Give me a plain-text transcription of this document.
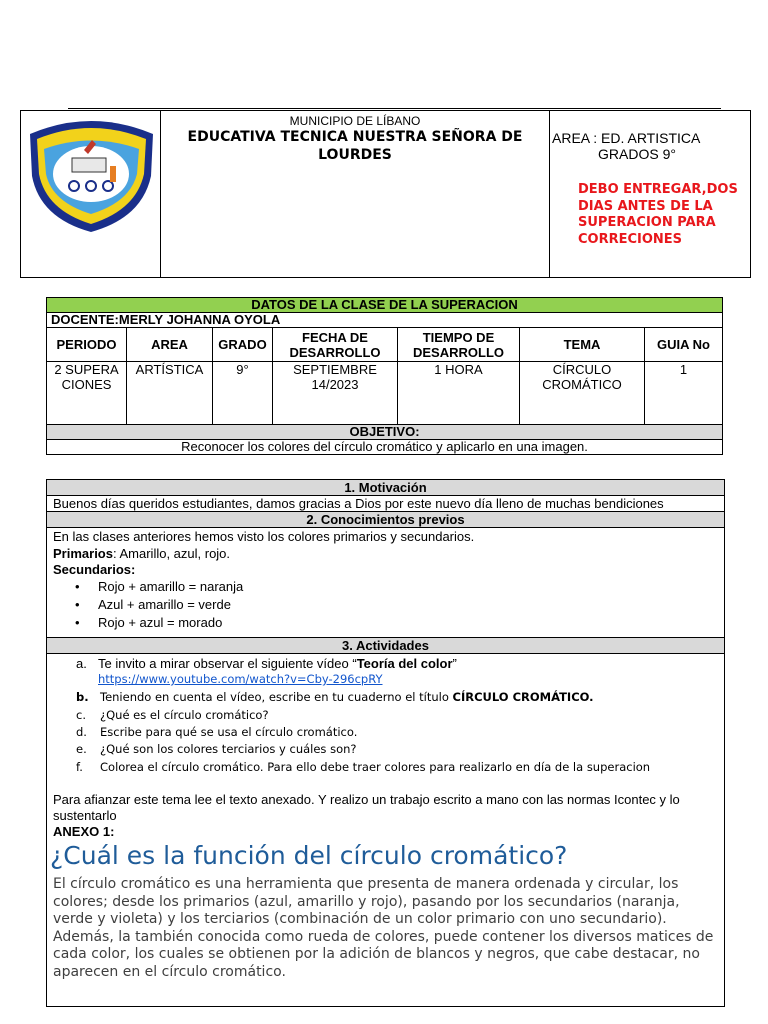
MUNICIPIO DE LÍBANO
EDUCATIVA TECNICA NUESTRA SEÑORA DE LOURDES

AREA : ED. ARTISTICA
GRADOS 9°
DEBO ENTREGAR,DOS DIAS ANTES DE LA SUPERACION PARA CORRECIONES
DATOS DE LA CLASE DE LA SUPERACION						
DOCENTE:MERLY JOHANNA OYOLA						
PERIODO	AREA	GRADO	FECHA DE DESARROLLO	TIEMPO DE DESARROLLO	TEMA	GUIA No
2 SUPERACIONES	ARTÍSTICA	9°	SEPTIEMBRE 14/2023	1 HORA	CÍRCULO CROMÁTICO	1
OBJETIVO:						
Reconocer los colores del círculo cromático y aplicarlo en una imagen.						
1. Motivación
Buenos días queridos estudiantes, damos gracias a Dios por este nuevo día lleno de muchas bendiciones
2. Conocimientos previos
En las clases anteriores hemos visto los colores primarios y secundarios.
Primarios: Amarillo, azul, rojo.
Secundarios:
• Rojo + amarillo = naranja
• Azul + amarillo = verde
• Rojo + azul = morado
3. Actividades
a. Te invito a mirar observar el siguiente vídeo “Teoría del color”
https://www.youtube.com/watch?v=Cby-296cpRY
b. Teniendo en cuenta el vídeo, escribe en tu cuaderno el título CÍRCULO CROMÁTICO.
c. ¿Qué es el círculo cromático?
d. Escribe para qué se usa el círculo cromático.
e. ¿Qué son los colores terciarios y cuáles son?
f. Colorea el círculo cromático. Para ello debe traer colores para realizarlo en día de la superacion
Para afianzar este tema lee el texto anexado. Y realizo un trabajo escrito a mano con las normas Icontec y lo
sustentarlo
ANEXO 1:
¿Cuál es la función del círculo cromático?
El círculo cromático es una herramienta que presenta de manera ordenada y circular, los colores; desde los primarios (azul, amarillo y rojo), pasando por los secundarios (naranja, verde y violeta) y los terciarios (combinación de un color primario con uno secundario). Además, la también conocida como rueda de colores, puede contener los diversos matices de cada color, los cuales se obtienen por la adición de blancos y negros, que cabe destacar, no aparecen en el círculo cromático.
